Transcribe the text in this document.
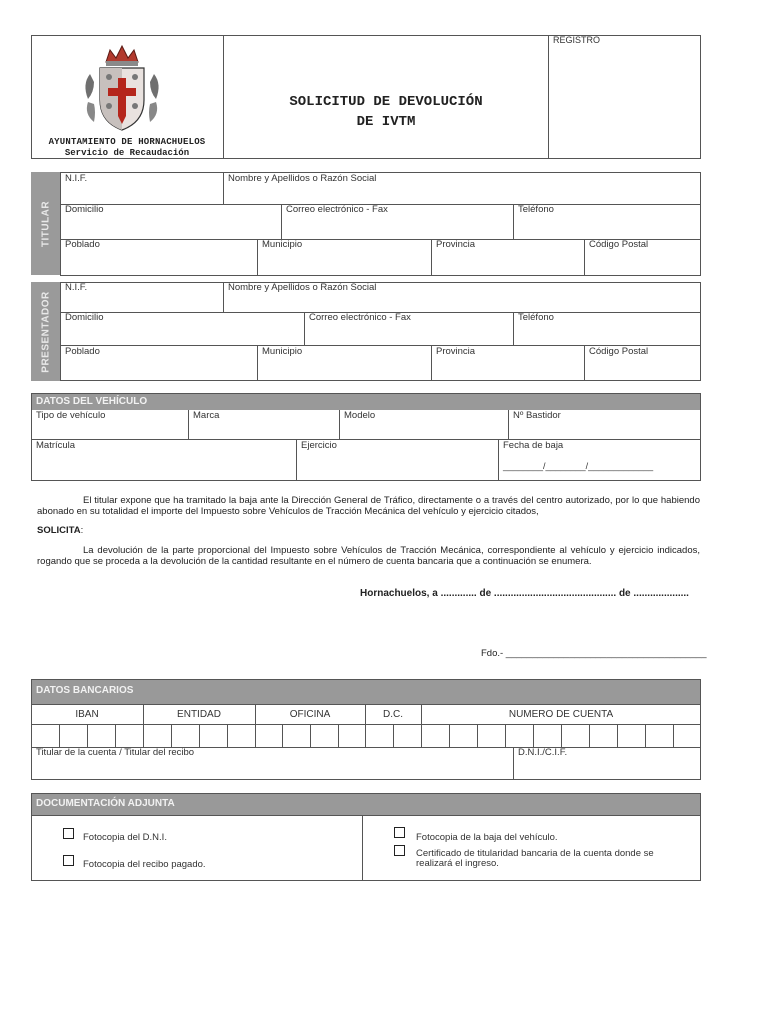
AYUNTAMIENTO DE HORNACHUELOS
Servicio de Recaudación
SOLICITUD DE DEVOLUCIÓN
DE IVTM
REGISTRO
TITULAR
N.I.F.	Nombre y Apellidos o Razón Social
Domicilio	Correo electrónico - Fax	Teléfono
Poblado	Municipio	Provincia	Código Postal
PRESENTADOR
N.I.F.	Nombre y Apellidos o Razón Social
Domicilio	Correo electrónico - Fax	Teléfono
Poblado	Municipio	Provincia	Código Postal
DATOS DEL VEHÍCULO
Tipo de vehículo	Marca	Modelo	Nº Bastidor
Matrícula	Ejercicio	Fecha de baja
________/________/_____________
El titular expone que ha tramitado la baja ante la Dirección General de Tráfico, directamente o a través del centro autorizado, por lo que habiendo abonado en su totalidad el importe del Impuesto sobre Vehículos de Tracción Mecánica del vehículo y ejercicio citados,
SOLICITA:
La devolución de la parte proporcional del Impuesto sobre Vehículos de Tracción Mecánica, correspondiente al vehículo y ejercicio indicados, rogando que se proceda a la devolución de la cantidad resultante en el número de cuenta bancaria que a continuación se enumera.
Hornachuelos, a ............. de ............................................ de ....................
Fdo.- ______________________________________
DATOS BANCARIOS
IBAN	ENTIDAD	OFICINA	D.C.	NUMERO DE CUENTA
Titular de la cuenta / Titular del recibo	D.N.I./C.I.F.
DOCUMENTACIÓN ADJUNTA
Fotocopia del D.N.I.
Fotocopia del recibo pagado.
Fotocopia de la baja del vehículo.
Certificado de titularidad bancaria de la cuenta donde se realizará el ingreso.
